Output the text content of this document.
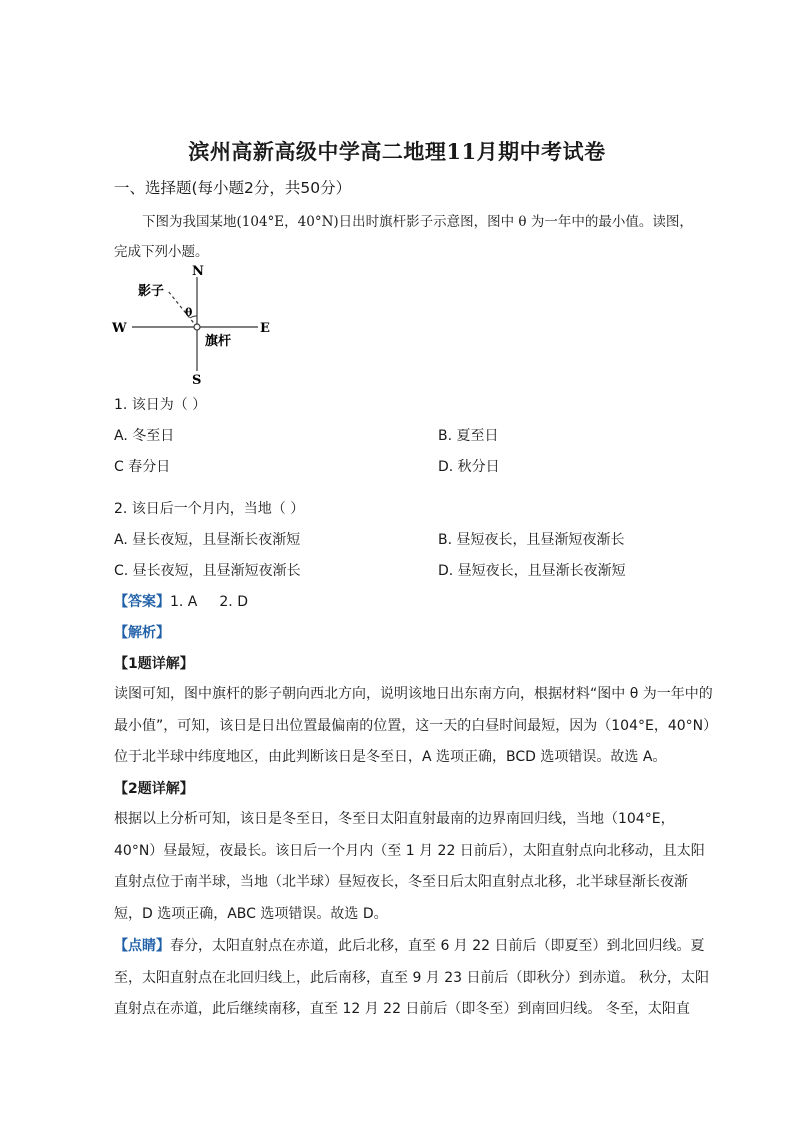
滨州高新高级中学高二地理11月期中考试卷
一、选择题(每小题2分，共50分）
下图为我国某地(104°E，40°N)日出时旗杆影子示意图，图中 θ 为一年中的最小值。读图，完成下列小题。
N
S
W	E
影子
θ
旗杆
1. 该日为（ ）
A. 冬至日	B. 夏至日
C 春分日	D. 秋分日
2. 该日后一个月内，当地（ ）
A. 昼长夜短，且昼渐长夜渐短	B. 昼短夜长，且昼渐短夜渐长
C. 昼长夜短，且昼渐短夜渐长	D. 昼短夜长，且昼渐长夜渐短
【答案】1. A 2. D
【解析】
【1题详解】
读图可知，图中旗杆的影子朝向西北方向，说明该地日出东南方向，根据材料“图中 θ 为一年中的最小值”，可知，该日是日出位置最偏南的位置，这一天的白昼时间最短，因为（104°E，40°N）位于北半球中纬度地区，由此判断该日是冬至日，A 选项正确，BCD 选项错误。故选 A。
【2题详解】
根据以上分析可知，该日是冬至日，冬至日太阳直射最南的边界南回归线，当地（104°E，40°N）昼最短，夜最长。该日后一个月内（至 1 月 22 日前后），太阳直射点向北移动，且太阳直射点位于南半球，当地（北半球）昼短夜长，冬至日后太阳直射点北移，北半球昼渐长夜渐短，D 选项正确，ABC 选项错误。故选 D。
【点睛】春分，太阳直射点在赤道，此后北移，直至 6 月 22 日前后（即夏至）到北回归线。夏至，太阳直射点在北回归线上，此后南移，直至 9 月 23 日前后（即秋分）到赤道。 秋分，太阳直射点在赤道，此后继续南移，直至 12 月 22 日前后（即冬至）到南回归线。 冬至，太阳直
